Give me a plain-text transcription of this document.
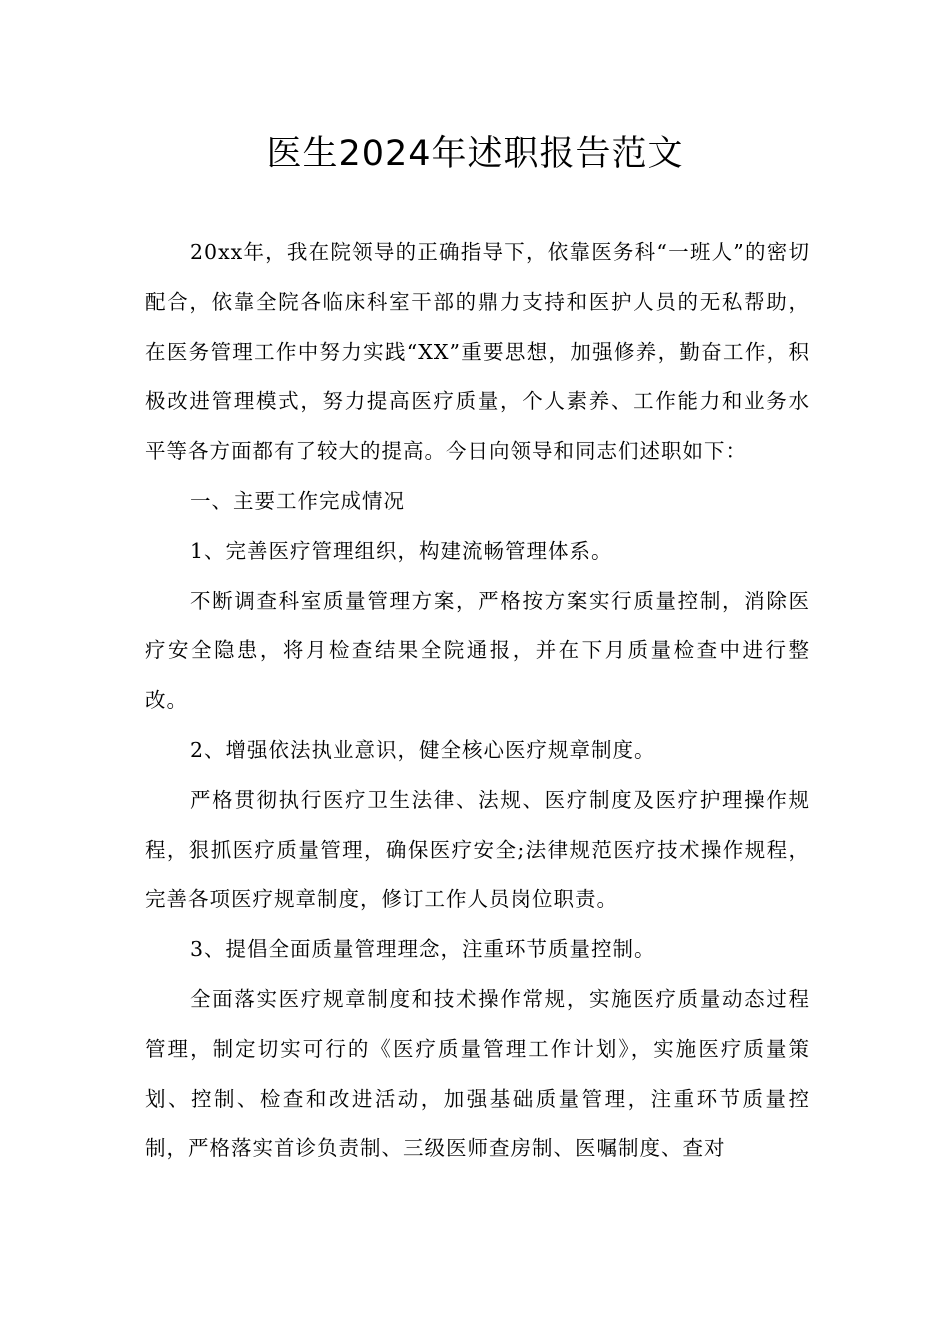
医生2024年述职报告范文

20xx年，我在院领导的正确指导下，依靠医务科“一班人”的密切配合，依靠全院各临床科室干部的鼎力支持和医护人员的无私帮助，在医务管理工作中努力实践“XX”重要思想，加强修养，勤奋工作，积极改进管理模式，努力提高医疗质量，个人素养、工作能力和业务水平等各方面都有了较大的提高。今日向领导和同志们述职如下：

一、主要工作完成情况

1、完善医疗管理组织，构建流畅管理体系。

不断调查科室质量管理方案，严格按方案实行质量控制，消除医疗安全隐患，将月检查结果全院通报，并在下月质量检查中进行整改。

2、增强依法执业意识，健全核心医疗规章制度。

严格贯彻执行医疗卫生法律、法规、医疗制度及医疗护理操作规程，狠抓医疗质量管理，确保医疗安全;法律规范医疗技术操作规程，完善各项医疗规章制度，修订工作人员岗位职责。

3、提倡全面质量管理理念，注重环节质量控制。

全面落实医疗规章制度和技术操作常规，实施医疗质量动态过程管理，制定切实可行的《医疗质量管理工作计划》，实施医疗质量策划、控制、检查和改进活动，加强基础质量管理，注重环节质量控制，严格落实首诊负责制、三级医师查房制、医嘱制度、查对
